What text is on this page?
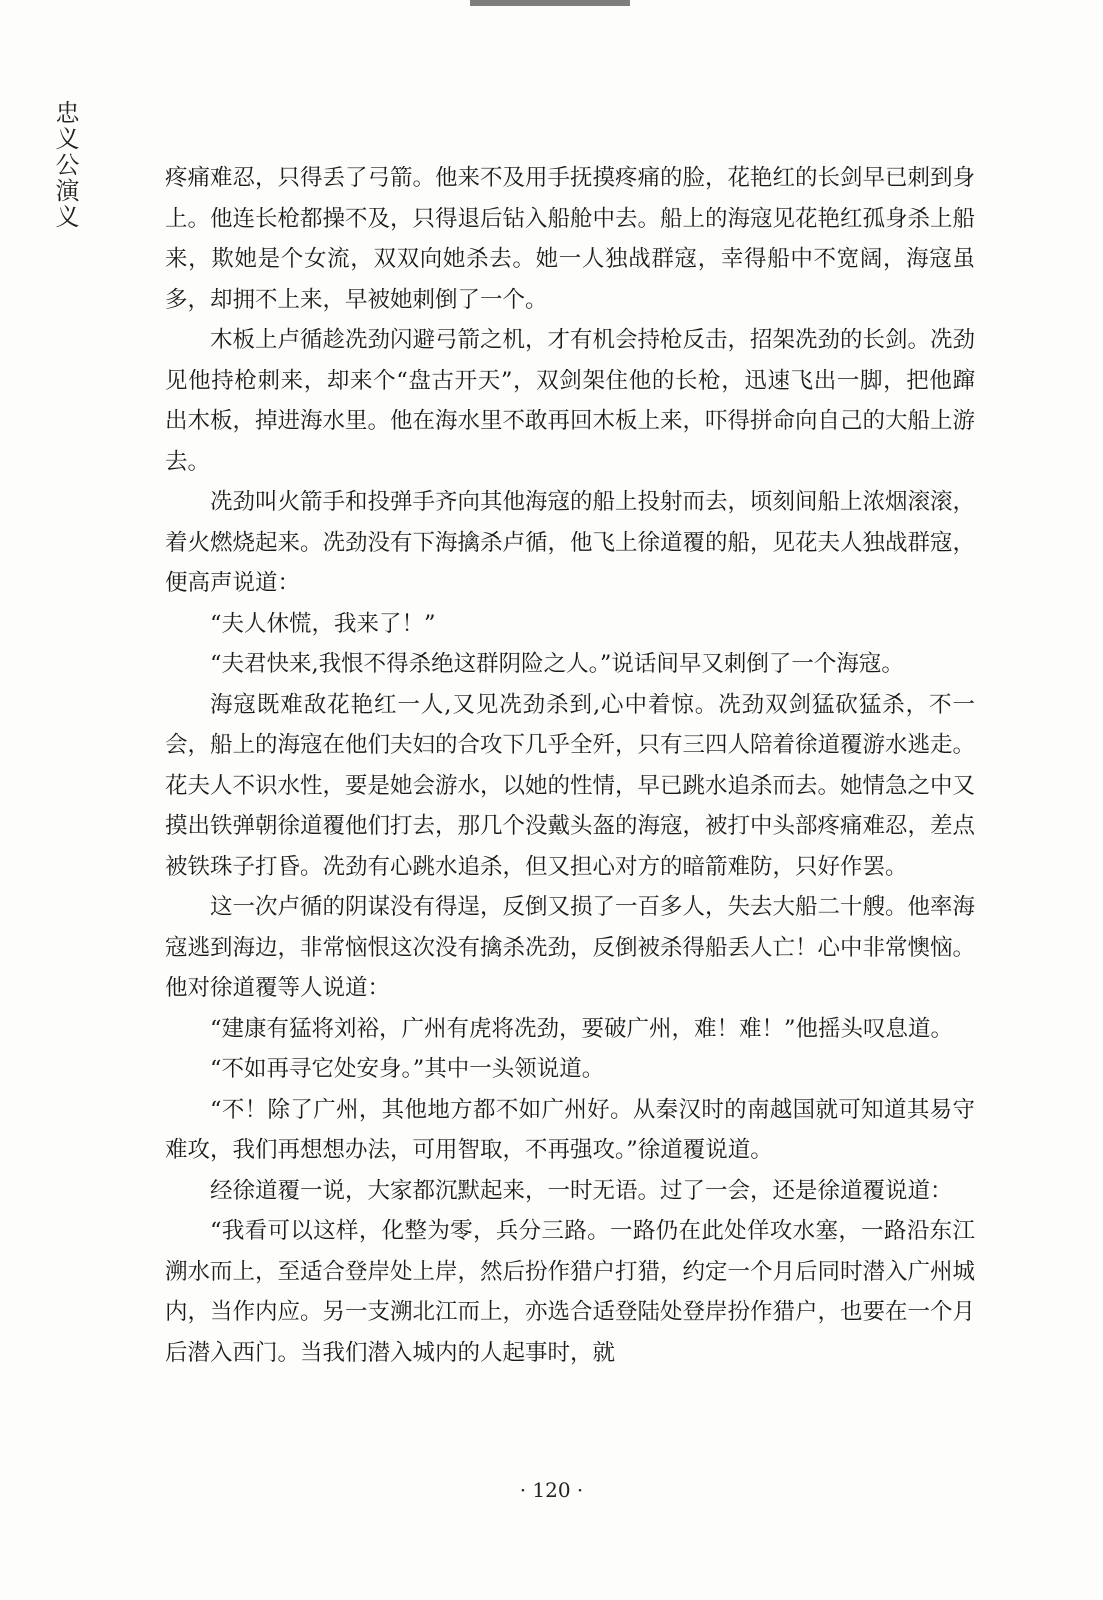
忠义公演义	疼痛难忍，只得丢了弓箭。他来不及用手抚摸疼痛的脸，花艳红的长剑早已刺到身上。他连长枪都操不及，只得退后钻入船舱中去。船上的海寇见花艳红孤身杀上船来，欺她是个女流，双双向她杀去。她一人独战群寇，幸得船中不宽阔，海寇虽多，却拥不上来，早被她刺倒了一个。

木板上卢循趁冼劲闪避弓箭之机，才有机会持枪反击，招架冼劲的长剑。冼劲见他持枪刺来，却来个“盘古开天”，双剑架住他的长枪，迅速飞出一脚，把他蹿出木板，掉进海水里。他在海水里不敢再回木板上来，吓得拼命向自己的大船上游去。

冼劲叫火箭手和投弹手齐向其他海寇的船上投射而去，顷刻间船上浓烟滚滚，着火燃烧起来。冼劲没有下海擒杀卢循，他飞上徐道覆的船，见花夫人独战群寇，便高声说道：

“夫人休慌，我来了！”

“夫君快来,我恨不得杀绝这群阴险之人。”说话间早又刺倒了一个海寇。

海寇既难敌花艳红一人,又见冼劲杀到,心中着惊。冼劲双剑猛砍猛杀，不一会，船上的海寇在他们夫妇的合攻下几乎全歼，只有三四人陪着徐道覆游水逃走。花夫人不识水性，要是她会游水，以她的性情，早已跳水追杀而去。她情急之中又摸出铁弹朝徐道覆他们打去，那几个没戴头盔的海寇，被打中头部疼痛难忍，差点被铁珠子打昏。冼劲有心跳水追杀，但又担心对方的暗箭难防，只好作罢。

这一次卢循的阴谋没有得逞，反倒又损了一百多人，失去大船二十艘。他率海寇逃到海边，非常恼恨这次没有擒杀冼劲，反倒被杀得船丢人亡！心中非常懊恼。他对徐道覆等人说道：

“建康有猛将刘裕，广州有虎将冼劲，要破广州，难！难！”他摇头叹息道。

“不如再寻它处安身。”其中一头领说道。

“不！除了广州，其他地方都不如广州好。从秦汉时的南越国就可知道其易守难攻，我们再想想办法，可用智取，不再强攻。”徐道覆说道。

经徐道覆一说，大家都沉默起来，一时无语。过了一会，还是徐道覆说道：

“我看可以这样，化整为零，兵分三路。一路仍在此处佯攻水塞，一路沿东江溯水而上，至适合登岸处上岸，然后扮作猎户打猎，约定一个月后同时潜入广州城内，当作内应。另一支溯北江而上，亦选合适登陆处登岸扮作猎户，也要在一个月后潜入西门。当我们潜入城内的人起事时，就

· 120 ·
